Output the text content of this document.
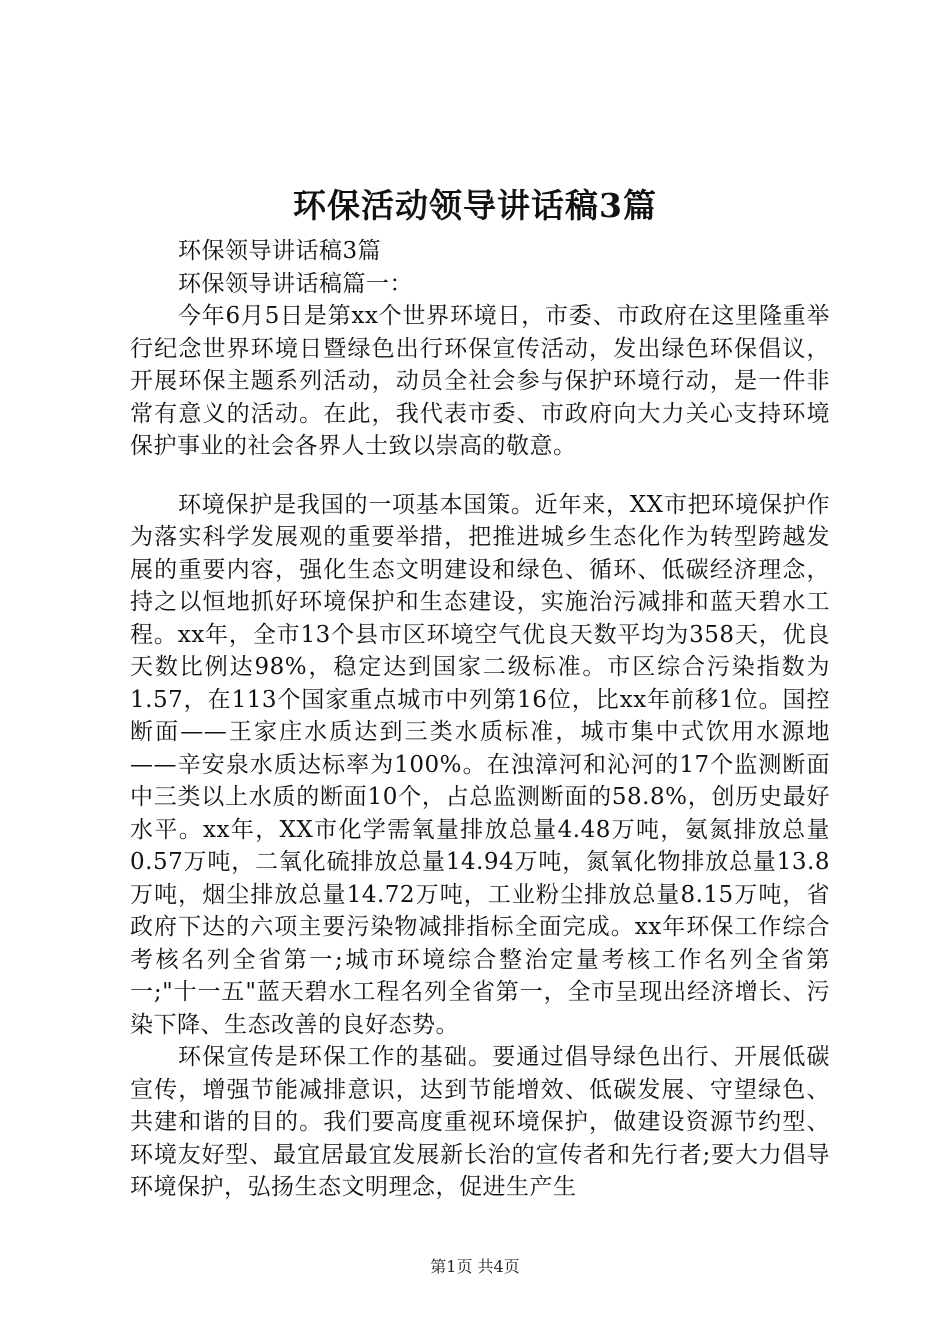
环保活动领导讲话稿3篇

环保领导讲话稿3篇

环保领导讲话稿篇一：

今年6月5日是第xx个世界环境日，市委、市政府在这里隆重举行纪念世界环境日暨绿色出行环保宣传活动，发出绿色环保倡议，开展环保主题系列活动，动员全社会参与保护环境行动，是一件非常有意义的活动。在此，我代表市委、市政府向大力关心支持环境保护事业的社会各界人士致以崇高的敬意。

环境保护是我国的一项基本国策。近年来，XX市把环境保护作为落实科学发展观的重要举措，把推进城乡生态化作为转型跨越发展的重要内容，强化生态文明建设和绿色、循环、低碳经济理念，持之以恒地抓好环境保护和生态建设，实施治污减排和蓝天碧水工程。xx年，全市13个县市区环境空气优良天数平均为358天，优良天数比例达98%，稳定达到国家二级标准。市区综合污染指数为1.57，在113个国家重点城市中列第16位，比xx年前移1位。国控断面——王家庄水质达到三类水质标准，城市集中式饮用水源地——辛安泉水质达标率为100%。在浊漳河和沁河的17个监测断面中三类以上水质的断面10个，占总监测断面的58.8%，创历史最好水平。xx年，XX市化学需氧量排放总量4.48万吨，氨氮排放总量0.57万吨，二氧化硫排放总量14.94万吨，氮氧化物排放总量13.8万吨，烟尘排放总量14.72万吨，工业粉尘排放总量8.15万吨，省政府下达的六项主要污染物减排指标全面完成。xx年环保工作综合考核名列全省第一;城市环境综合整治定量考核工作名列全省第一;"十一五"蓝天碧水工程名列全省第一，全市呈现出经济增长、污染下降、生态改善的良好态势。

环保宣传是环保工作的基础。要通过倡导绿色出行、开展低碳宣传，增强节能减排意识，达到节能增效、低碳发展、守望绿色、共建和谐的目的。我们要高度重视环境保护，做建设资源节约型、环境友好型、最宜居最宜发展新长治的宣传者和先行者;要大力倡导环境保护，弘扬生态文明理念，促进生产生

第1页 共4页
